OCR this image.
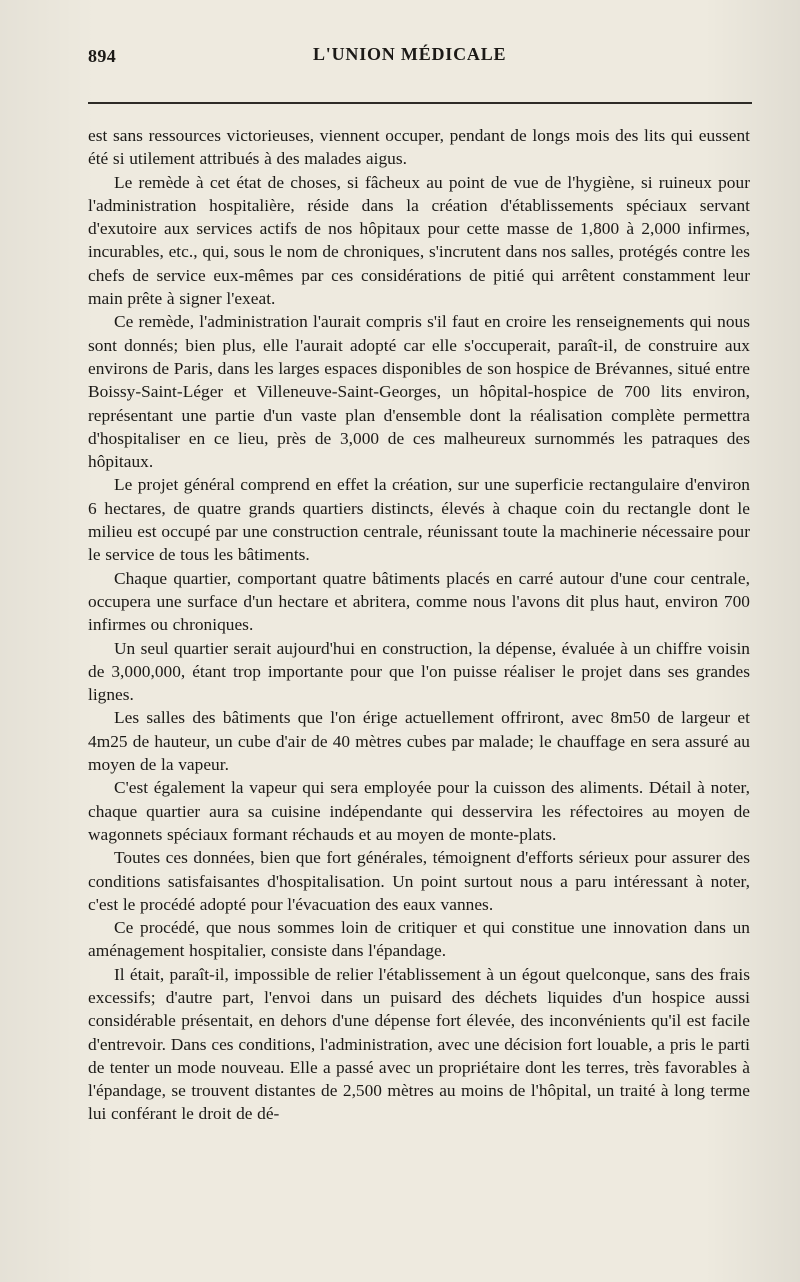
894	L'UNION MÉDICALE

est sans ressources victorieuses, viennent occuper, pendant de longs mois des lits qui eussent été si utilement attribués à des malades aigus.

Le remède à cet état de choses, si fâcheux au point de vue de l'hygiène, si ruineux pour l'administration hospitalière, réside dans la création d'établissements spéciaux servant d'exutoire aux services actifs de nos hôpitaux pour cette masse de 1,800 à 2,000 infirmes, incurables, etc., qui, sous le nom de chroniques, s'incrutent dans nos salles, protégés contre les chefs de service eux-mêmes par ces considérations de pitié qui arrêtent constamment leur main prête à signer l'exeat.

Ce remède, l'administration l'aurait compris s'il faut en croire les renseignements qui nous sont donnés; bien plus, elle l'aurait adopté car elle s'occuperait, paraît-il, de construire aux environs de Paris, dans les larges espaces disponibles de son hospice de Brévannes, situé entre Boissy-Saint-Léger et Villeneuve-Saint-Georges, un hôpital-hospice de 700 lits environ, représentant une partie d'un vaste plan d'ensemble dont la réalisation complète permettra d'hospitaliser en ce lieu, près de 3,000 de ces malheureux surnommés les patraques des hôpitaux.

Le projet général comprend en effet la création, sur une superficie rectangulaire d'environ 6 hectares, de quatre grands quartiers distincts, élevés à chaque coin du rectangle dont le milieu est occupé par une construction centrale, réunissant toute la machinerie nécessaire pour le service de tous les bâtiments.

Chaque quartier, comportant quatre bâtiments placés en carré autour d'une cour centrale, occupera une surface d'un hectare et abritera, comme nous l'avons dit plus haut, environ 700 infirmes ou chroniques.

Un seul quartier serait aujourd'hui en construction, la dépense, évaluée à un chiffre voisin de 3,000,000, étant trop importante pour que l'on puisse réaliser le projet dans ses grandes lignes.

Les salles des bâtiments que l'on érige actuellement offriront, avec 8m50 de largeur et 4m25 de hauteur, un cube d'air de 40 mètres cubes par malade; le chauffage en sera assuré au moyen de la vapeur.

C'est également la vapeur qui sera employée pour la cuisson des aliments. Détail à noter, chaque quartier aura sa cuisine indépendante qui desservira les réfectoires au moyen de wagonnets spéciaux formant réchauds et au moyen de monte-plats.

Toutes ces données, bien que fort générales, témoignent d'efforts sérieux pour assurer des conditions satisfaisantes d'hospitalisation. Un point surtout nous a paru intéressant à noter, c'est le procédé adopté pour l'évacuation des eaux vannes.

Ce procédé, que nous sommes loin de critiquer et qui constitue une innovation dans un aménagement hospitalier, consiste dans l'épandage.

Il était, paraît-il, impossible de relier l'établissement à un égout quelconque, sans des frais excessifs; d'autre part, l'envoi dans un puisard des déchets liquides d'un hospice aussi considérable présentait, en dehors d'une dépense fort élevée, des inconvénients qu'il est facile d'entrevoir. Dans ces conditions, l'administration, avec une décision fort louable, a pris le parti de tenter un mode nouveau. Elle a passé avec un propriétaire dont les terres, très favorables à l'épandage, se trouvent distantes de 2,500 mètres au moins de l'hôpital, un traité à long terme lui conférant le droit de dé-
